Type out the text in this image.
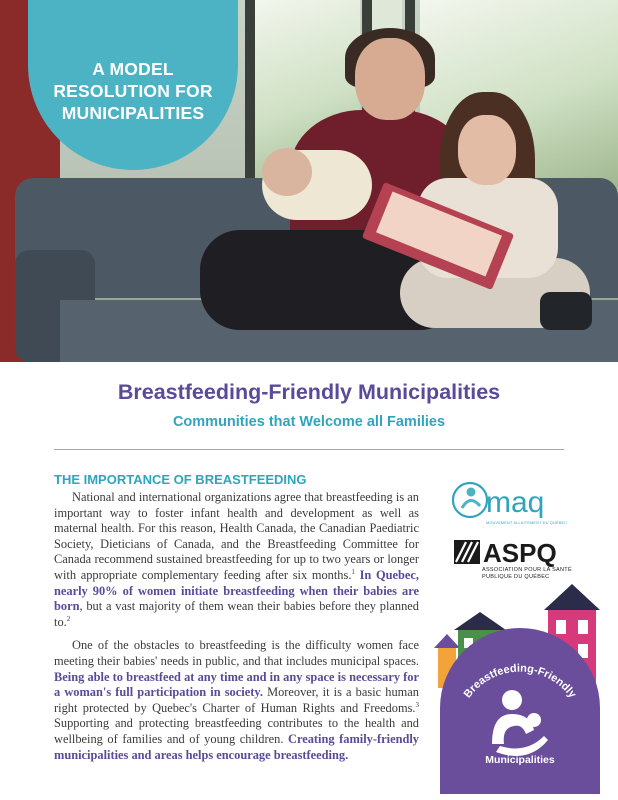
A MODEL
RESOLUTION FOR
MUNICIPALITIES
Breastfeeding-Friendly Municipalities
Communities that Welcome all Families
THE IMPORTANCE OF BREASTFEEDING

National and international organizations agree that breastfeeding is an important way to foster infant health and development as well as maternal health. For this reason, Health Canada, the Canadian Paediatric Society, Dieticians of Canada, and the Breastfeeding Committee for Canada recommend sustained breastfeeding for up to two years or longer with appropriate complementary feeding after six months.$^1$ In Quebec, nearly 90% of women initiate breastfeeding when their babies are born, but a vast majority of them wean their babies before they planned to.$^2$

One of the obstacles to breastfeeding is the difficulty women face meeting their babies' needs in public, and that includes municipal spaces. Being able to breastfeed at any time and in any space is necessary for a woman's full participation in society. Moreover, it is a basic human right protected by Quebec's Charter of Human Rights and Freedoms.$^3$ Supporting and protecting breastfeeding contributes to the health and wellbeing of families and of young children. Creating family-friendly municipalities and areas helps encourage breastfeeding.

maq
MOUVEMENT ALLAITEMENT DU QUÉBEC
ASPQ
ASSOCIATION POUR LA SANTÉ
PUBLIQUE DU QUÉBEC
Breastfeeding-Friendly
Municipalities
